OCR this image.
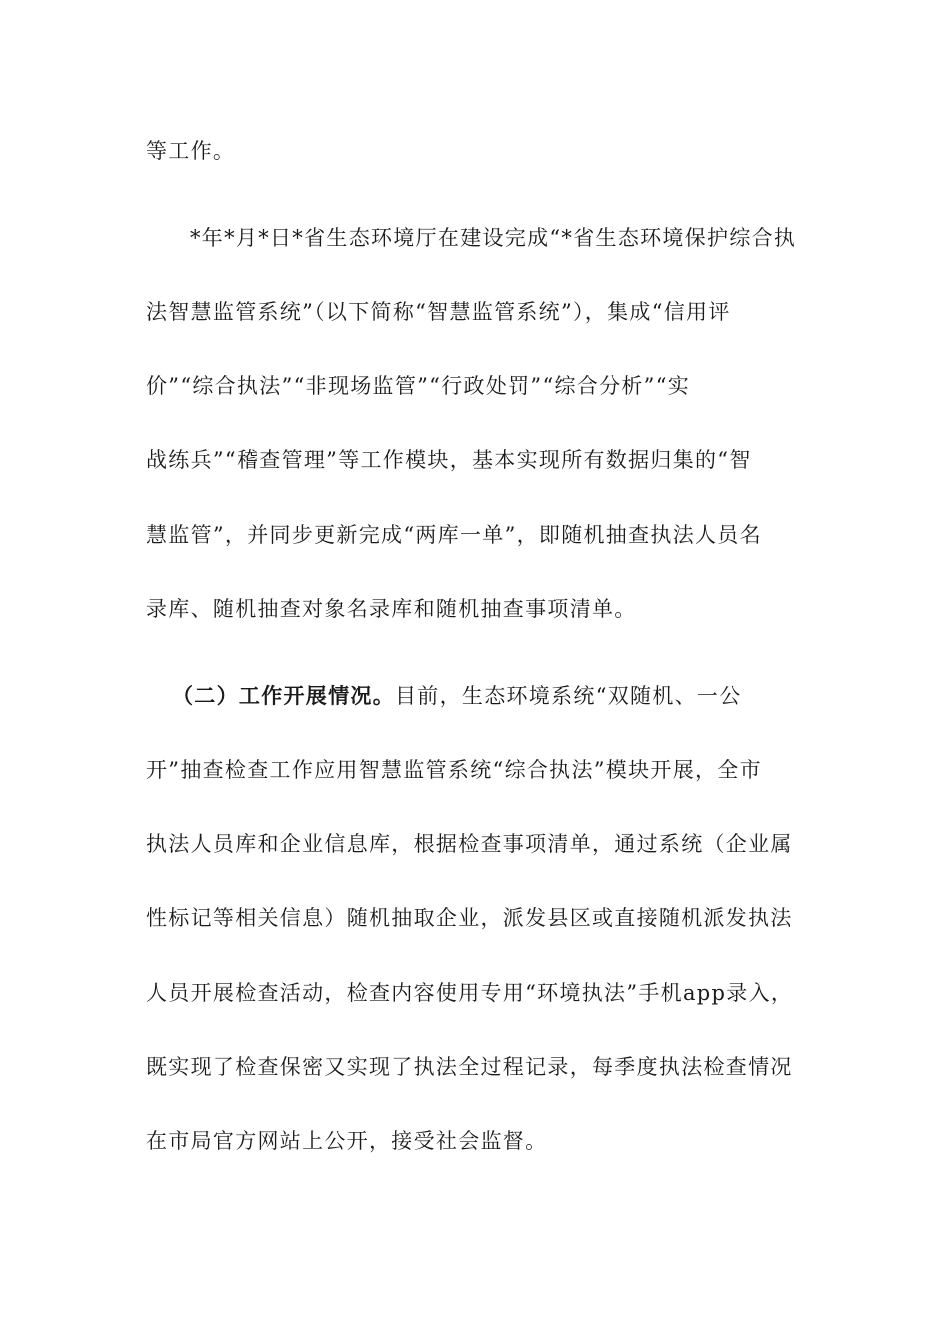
等工作。
*年*月*日*省生态环境厅在建设完成“*省生态环境保护综合执
法智慧监管系统”（以下简称“智慧监管系统”），集成“信用评
价”“综合执法”“非现场监管”“行政处罚”“综合分析”“实
战练兵”“稽查管理”等工作模块，基本实现所有数据归集的“智
慧监管”，并同步更新完成“两库一单”，即随机抽查执法人员名
录库、随机抽查对象名录库和随机抽查事项清单。
（二）工作开展情况。目前，生态环境系统“双随机、一公
开”抽查检查工作应用智慧监管系统“综合执法”模块开展，全市
执法人员库和企业信息库，根据检查事项清单，通过系统（企业属
性标记等相关信息）随机抽取企业，派发县区或直接随机派发执法
人员开展检查活动，检查内容使用专用“环境执法”手机app录入，
既实现了检查保密又实现了执法全过程记录，每季度执法检查情况
在市局官方网站上公开，接受社会监督。
